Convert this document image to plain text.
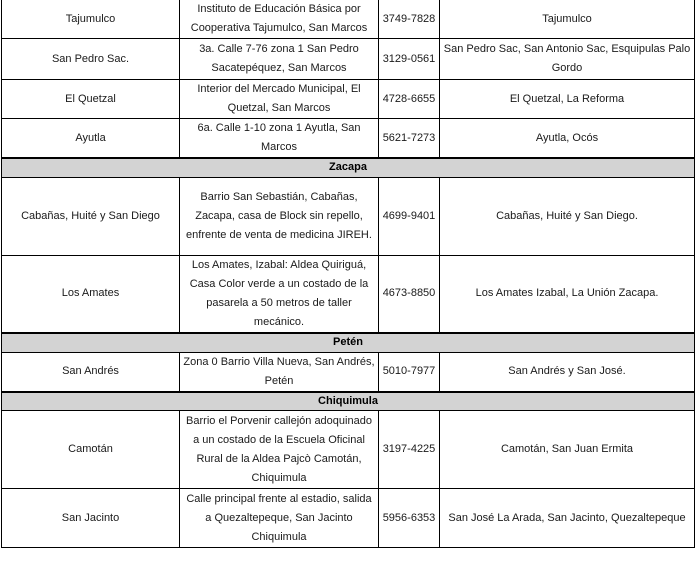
Tajumulco	Instituto de Educación Básica por Cooperativa Tajumulco, San Marcos	3749-7828	Tajumulco
San Pedro Sac.	3a. Calle 7-76 zona 1 San Pedro Sacatepéquez, San Marcos	3129-0561	San Pedro Sac, San Antonio Sac, Esquipulas Palo Gordo
El Quetzal	Interior del Mercado Municipal, El Quetzal, San Marcos	4728-6655	El Quetzal, La Reforma
Ayutla	6a. Calle 1-10 zona 1 Ayutla, San Marcos	5621-7273	Ayutla, Ocós
Zacapa			
Cabañas, Huité y San Diego	Barrio San Sebastián, Cabañas, Zacapa, casa de Block sin repello, enfrente de venta de medicina JIREH.	4699-9401	Cabañas, Huité y San Diego.
Los Amates	Los Amates, Izabal: Aldea Quiriguá, Casa Color verde a un costado de la pasarela a 50 metros de taller mecánico.	4673-8850	Los Amates Izabal, La Unión Zacapa.
Petén			
San Andrés	Zona 0 Barrio Villa Nueva, San Andrés, Petén	5010-7977	San Andrés y San José.
Chiquimula			
Camotán	Barrio el Porvenir callejón adoquinado a un costado de la Escuela Oficinal Rural de la Aldea Pajcò Camotán, Chiquimula	3197-4225	Camotán, San Juan Ermita
San Jacinto	Calle principal frente al estadio, salida a Quezaltepeque, San Jacinto Chiquimula	5956-6353	San José La Arada, San Jacinto, Quezaltepeque
